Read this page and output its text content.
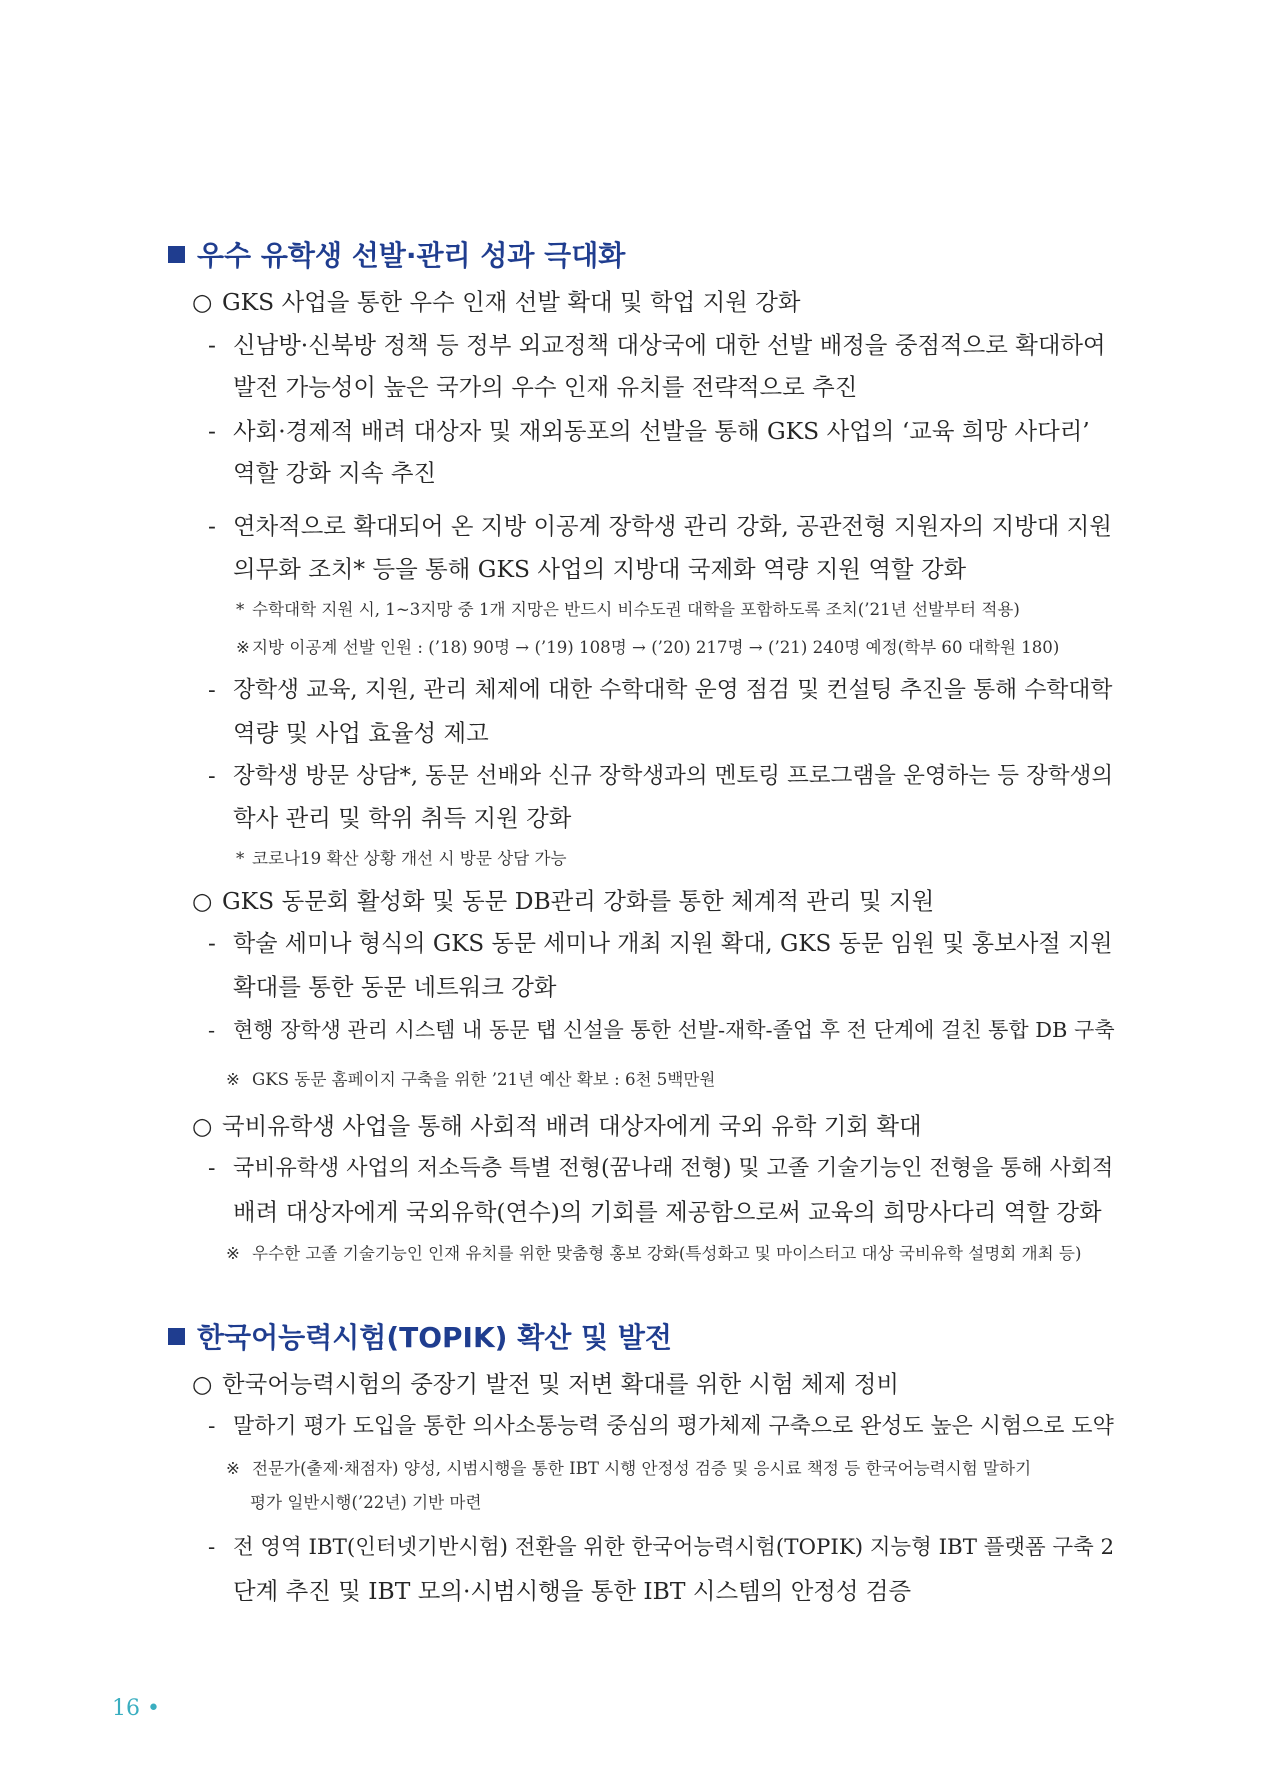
우수 유학생 선발·관리 성과 극대화
○ GKS 사업을 통한 우수 인재 선발 확대 및 학업 지원 강화
- 신남방·신북방 정책 등 정부 외교정책 대상국에 대한 선발 배정을 중점적으로 확대하여
발전 가능성이 높은 국가의 우수 인재 유치를 전략적으로 추진
- 사회·경제적 배려 대상자 및 재외동포의 선발을 통해 GKS 사업의 ‘교육 희망 사다리’
역할 강화 지속 추진
- 연차적으로 확대되어 온 지방 이공계 장학생 관리 강화, 공관전형 지원자의 지방대 지원
의무화 조치* 등을 통해 GKS 사업의 지방대 국제화 역량 지원 역할 강화
* 수학대학 지원 시, 1~3지망 중 1개 지망은 반드시 비수도권 대학을 포함하도록 조치(’21년 선발부터 적용)
※ 지방 이공계 선발 인원 : (’18) 90명 → (’19) 108명 → (’20) 217명 → (’21) 240명 예정(학부 60 대학원 180)
- 장학생 교육, 지원, 관리 체제에 대한 수학대학 운영 점검 및 컨설팅 추진을 통해 수학대학
역량 및 사업 효율성 제고
- 장학생 방문 상담*, 동문 선배와 신규 장학생과의 멘토링 프로그램을 운영하는 등 장학생의
학사 관리 및 학위 취득 지원 강화
* 코로나19 확산 상황 개선 시 방문 상담 가능
○ GKS 동문회 활성화 및 동문 DB관리 강화를 통한 체계적 관리 및 지원
- 학술 세미나 형식의 GKS 동문 세미나 개최 지원 확대, GKS 동문 임원 및 홍보사절 지원
확대를 통한 동문 네트워크 강화
- 현행 장학생 관리 시스템 내 동문 탭 신설을 통한 선발-재학-졸업 후 전 단계에 걸친 통합 DB 구축
※ GKS 동문 홈페이지 구축을 위한 ’21년 예산 확보 : 6천 5백만원
○ 국비유학생 사업을 통해 사회적 배려 대상자에게 국외 유학 기회 확대
- 국비유학생 사업의 저소득층 특별 전형(꿈나래 전형) 및 고졸 기술기능인 전형을 통해 사회적
배려 대상자에게 국외유학(연수)의 기회를 제공함으로써 교육의 희망사다리 역할 강화
※ 우수한 고졸 기술기능인 인재 유치를 위한 맞춤형 홍보 강화(특성화고 및 마이스터고 대상 국비유학 설명회 개최 등)
한국어능력시험(TOPIK) 확산 및 발전
○ 한국어능력시험의 중장기 발전 및 저변 확대를 위한 시험 체제 정비
- 말하기 평가 도입을 통한 의사소통능력 중심의 평가체제 구축으로 완성도 높은 시험으로 도약
※ 전문가(출제·채점자) 양성, 시범시행을 통한 IBT 시행 안정성 검증 및 응시료 책정 등 한국어능력시험 말하기
평가 일반시행(’22년) 기반 마련
- 전 영역 IBT(인터넷기반시험) 전환을 위한 한국어능력시험(TOPIK) 지능형 IBT 플랫폼 구축 2
단계 추진 및 IBT 모의·시범시행을 통한 IBT 시스템의 안정성 검증
16 •
